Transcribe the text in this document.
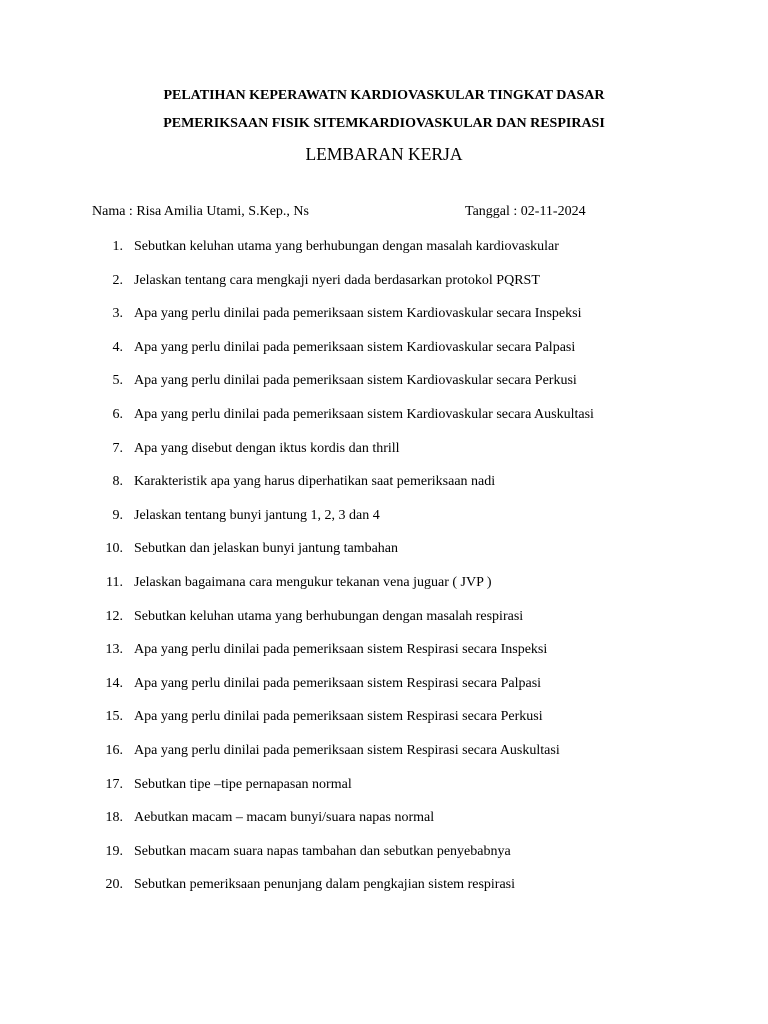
PELATIHAN KEPERAWATN KARDIOVASKULAR TINGKAT DASAR
PEMERIKSAAN FISIK SITEMKARDIOVASKULAR DAN RESPIRASI
LEMBARAN KERJA
Nama : Risa Amilia Utami, S.Kep., Ns	Tanggal : 02-11-2024
1. Sebutkan keluhan utama yang berhubungan dengan masalah kardiovaskular
2. Jelaskan tentang cara mengkaji nyeri dada berdasarkan protokol PQRST
3. Apa yang perlu dinilai pada pemeriksaan sistem Kardiovaskular secara Inspeksi
4. Apa yang perlu dinilai pada pemeriksaan sistem Kardiovaskular secara Palpasi
5. Apa yang perlu dinilai pada pemeriksaan sistem Kardiovaskular secara Perkusi
6. Apa yang perlu dinilai pada pemeriksaan sistem Kardiovaskular secara Auskultasi
7. Apa yang disebut dengan iktus kordis dan thrill
8. Karakteristik apa yang harus diperhatikan saat pemeriksaan nadi
9. Jelaskan tentang bunyi jantung 1, 2, 3 dan 4
10. Sebutkan dan jelaskan bunyi jantung tambahan
11. Jelaskan bagaimana cara mengukur tekanan vena juguar ( JVP )
12. Sebutkan keluhan utama yang berhubungan dengan masalah respirasi
13. Apa yang perlu dinilai pada pemeriksaan sistem Respirasi secara Inspeksi
14. Apa yang perlu dinilai pada pemeriksaan sistem Respirasi secara Palpasi
15. Apa yang perlu dinilai pada pemeriksaan sistem Respirasi secara Perkusi
16. Apa yang perlu dinilai pada pemeriksaan sistem Respirasi secara Auskultasi
17. Sebutkan tipe –tipe pernapasan normal
18. Aebutkan macam – macam bunyi/suara napas normal
19. Sebutkan macam suara napas tambahan dan sebutkan penyebabnya
20. Sebutkan pemeriksaan penunjang dalam pengkajian sistem respirasi
